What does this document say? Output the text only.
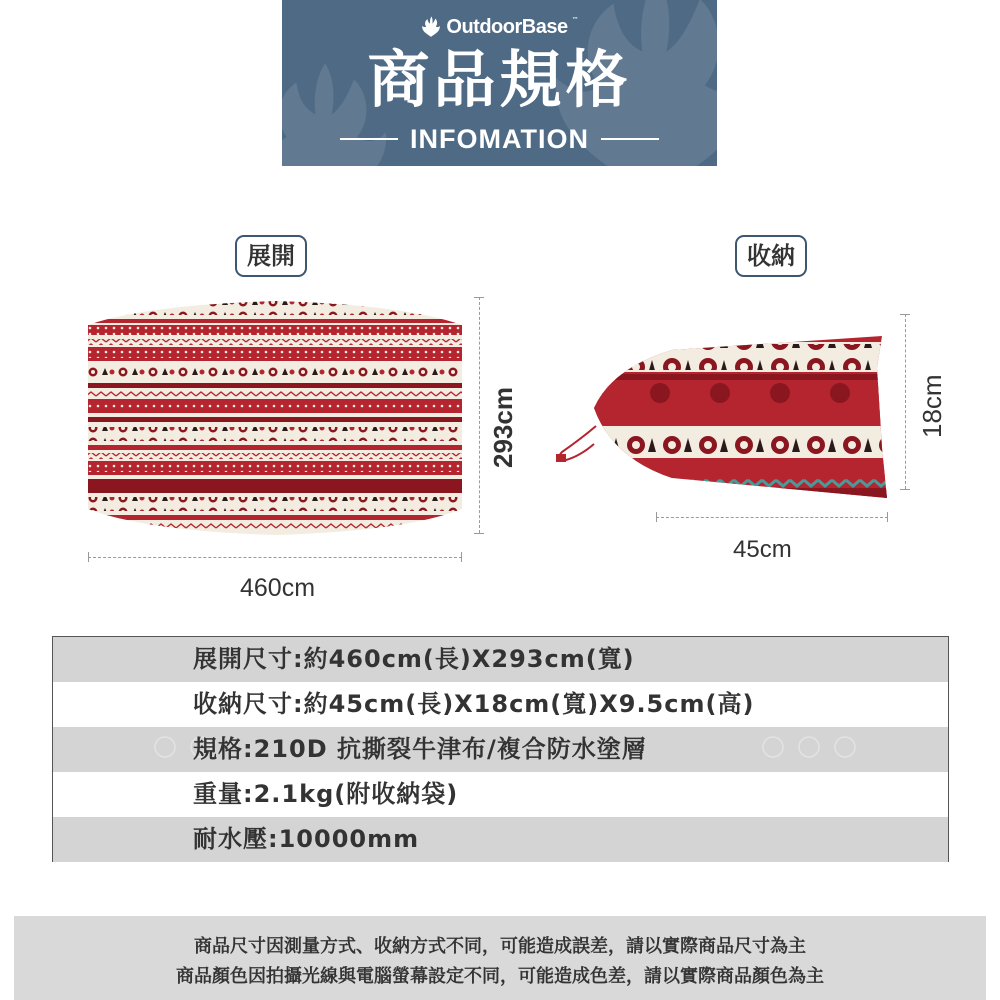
OutdoorBase ™
商品規格
INFOMATION
展開	收納
460cm
293cm
45cm
18cm
展開尺寸:約460cm(長)X293cm(寬)
收納尺寸:約45cm(長)X18cm(寬)X9.5cm(高)
規格:210D 抗撕裂牛津布/複合防水塗層
重量:2.1kg(附收納袋)
耐水壓:10000mm
商品尺寸因測量方式、收納方式不同，可能造成誤差，請以實際商品尺寸為主
商品顏色因拍攝光線與電腦螢幕設定不同，可能造成色差，請以實際商品顏色為主
